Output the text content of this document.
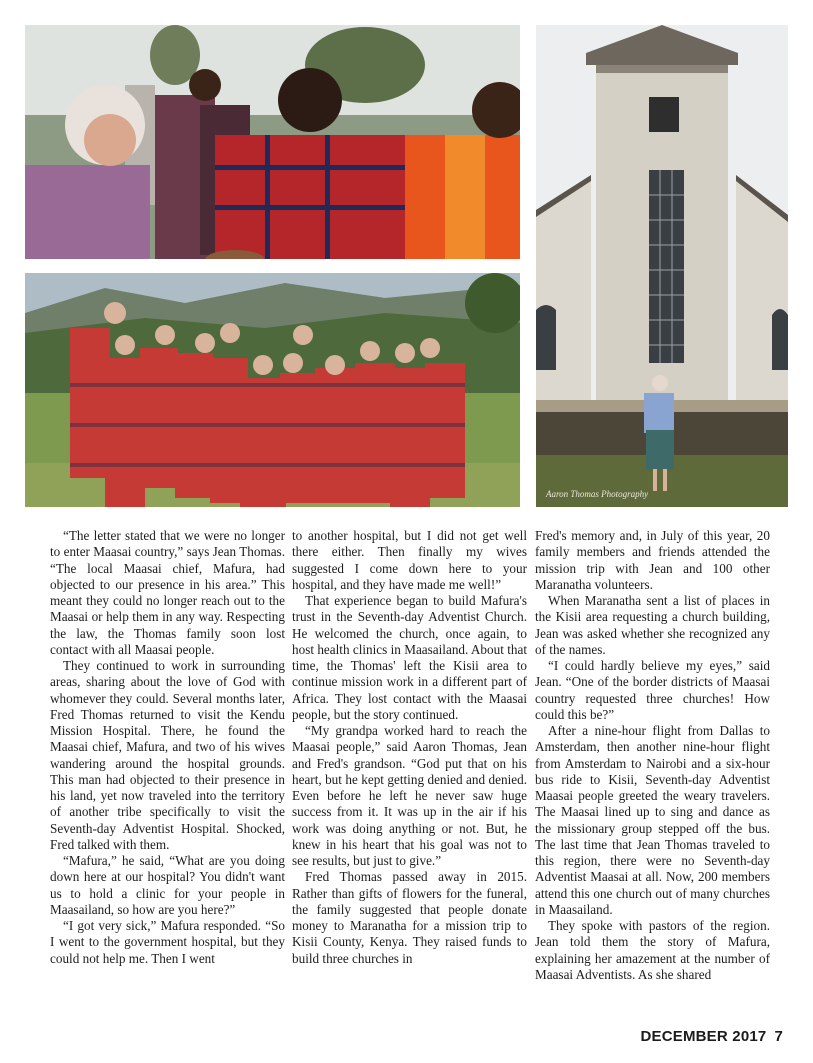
Aaron Thomas Photography

“The letter stated that we were no longer to enter Maasai country,” says Jean Thomas. “The local Maasai chief, Mafura, had objected to our presence in his area.” This meant they could no longer reach out to the Maasai or help them in any way. Respecting the law, the Thomas family soon lost contact with all Maasai people.

They continued to work in surrounding areas, sharing about the love of God with whomever they could. Several months later, Fred Thomas returned to visit the Kendu Mission Hospital. There, he found the Maasai chief, Mafura, and two of his wives wandering around the hospital grounds. This man had objected to their presence in his land, yet now traveled into the territory of another tribe specifically to visit the Seventh-day Adventist Hospital. Shocked, Fred talked with them.

“Mafura,” he said, “What are you doing down here at our hospital? You didn't want us to hold a clinic for your people in Maasailand, so how are you here?”

“I got very sick,” Mafura responded. “So I went to the government hospital, but they could not help me. Then I went

to another hospital, but I did not get well there either. Then finally my wives suggested I come down here to your hospital, and they have made me well!”

That experience began to build Mafura's trust in the Seventh-day Adventist Church. He welcomed the church, once again, to host health clinics in Maasailand. About that time, the Thomas' left the Kisii area to continue mission work in a different part of Africa. They lost contact with the Maasai people, but the story continued.

“My grandpa worked hard to reach the Maasai people,” said Aaron Thomas, Jean and Fred's grandson. “God put that on his heart, but he kept getting denied and denied. Even before he left he never saw huge success from it. It was up in the air if his work was doing anything or not. But, he knew in his heart that his goal was not to see results, but just to give.”

Fred Thomas passed away in 2015. Rather than gifts of flowers for the funeral, the family suggested that people donate money to Maranatha for a mission trip to Kisii County, Kenya. They raised funds to build three churches in

Fred's memory and, in July of this year, 20 family members and friends attended the mission trip with Jean and 100 other Maranatha volunteers.

When Maranatha sent a list of places in the Kisii area requesting a church building, Jean was asked whether she recognized any of the names.

“I could hardly believe my eyes,” said Jean. “One of the border districts of Maasai country requested three churches! How could this be?”

After a nine-hour flight from Dallas to Amsterdam, then another nine-hour flight from Amsterdam to Nairobi and a six-hour bus ride to Kisii, Seventh-day Adventist Maasai people greeted the weary travelers. The Maasai lined up to sing and dance as the missionary group stepped off the bus. The last time that Jean Thomas traveled to this region, there were no Seventh-day Adventist Maasai at all. Now, 200 members attend this one church out of many churches in Maasailand.

They spoke with pastors of the region. Jean told them the story of Mafura, explaining her amazement at the number of Maasai Adventists. As she shared

DECEMBER 2017 7
